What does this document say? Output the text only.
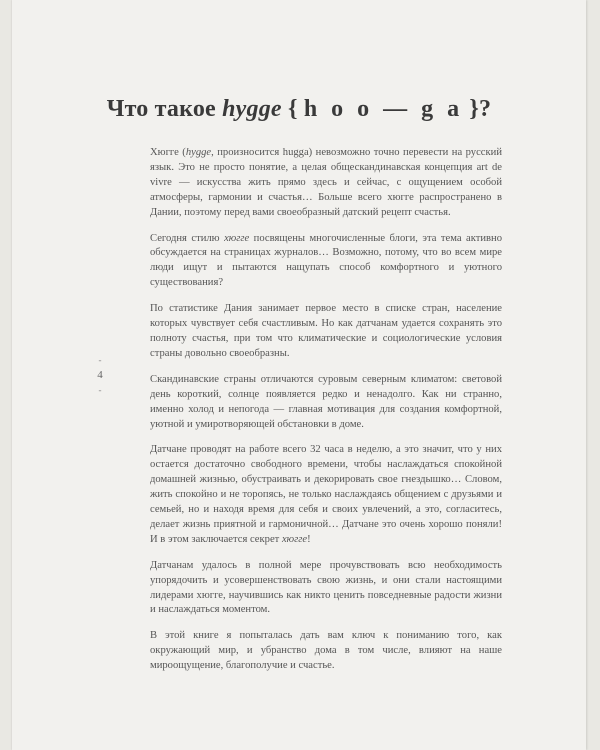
Что такое hygge { h o o — g a }?
-
4
-

Хюгге (hygge, произносится hugga) невозможно точно перевести на русский язык. Это не просто понятие, а целая общескандинавская концепция art de vivre — искусства жить прямо здесь и сейчас, с ощущением особой атмосферы, гармонии и счастья… Больше всего хюгге распространено в Дании, поэтому перед вами своеобразный датский рецепт счастья.

Сегодня стилю хюгге посвящены многочисленные блоги, эта тема активно обсуждается на страницах журналов… Возможно, потому, что во всем мире люди ищут и пытаются нащупать способ комфортного и уютного существования?

По статистике Дания занимает первое место в списке стран, население которых чувствует себя счастливым. Но как датчанам удается сохранять это полноту счастья, при том что климатические и социологические условия страны довольно своеобразны.

Скандинавские страны отличаются суровым северным климатом: световой день короткий, солнце появляется редко и ненадолго. Как ни странно, именно холод и непогода — главная мотивация для создания комфортной, уютной и умиротворяющей обстановки в доме.

Датчане проводят на работе всего 32 часа в неделю, а это значит, что у них остается достаточно свободного времени, чтобы наслаждаться спокойной домашней жизнью, обустраивать и декорировать свое гнездышко… Словом, жить спокойно и не торопясь, не только наслаждаясь общением с друзьями и семьей, но и находя время для себя и своих увлечений, а это, согласитесь, делает жизнь приятной и гармоничной… Датчане это очень хорошо поняли! И в этом заключается секрет хюгге!

Датчанам удалось в полной мере прочувствовать всю необходимость упорядочить и усовершенствовать свою жизнь, и они стали настоящими лидерами хюгге, научившись как никто ценить повседневные радости жизни и наслаждаться моментом.

В этой книге я попыталась дать вам ключ к пониманию того, как окружающий мир, и убранство дома в том числе, влияют на наше мироощущение, благополучие и счастье.
